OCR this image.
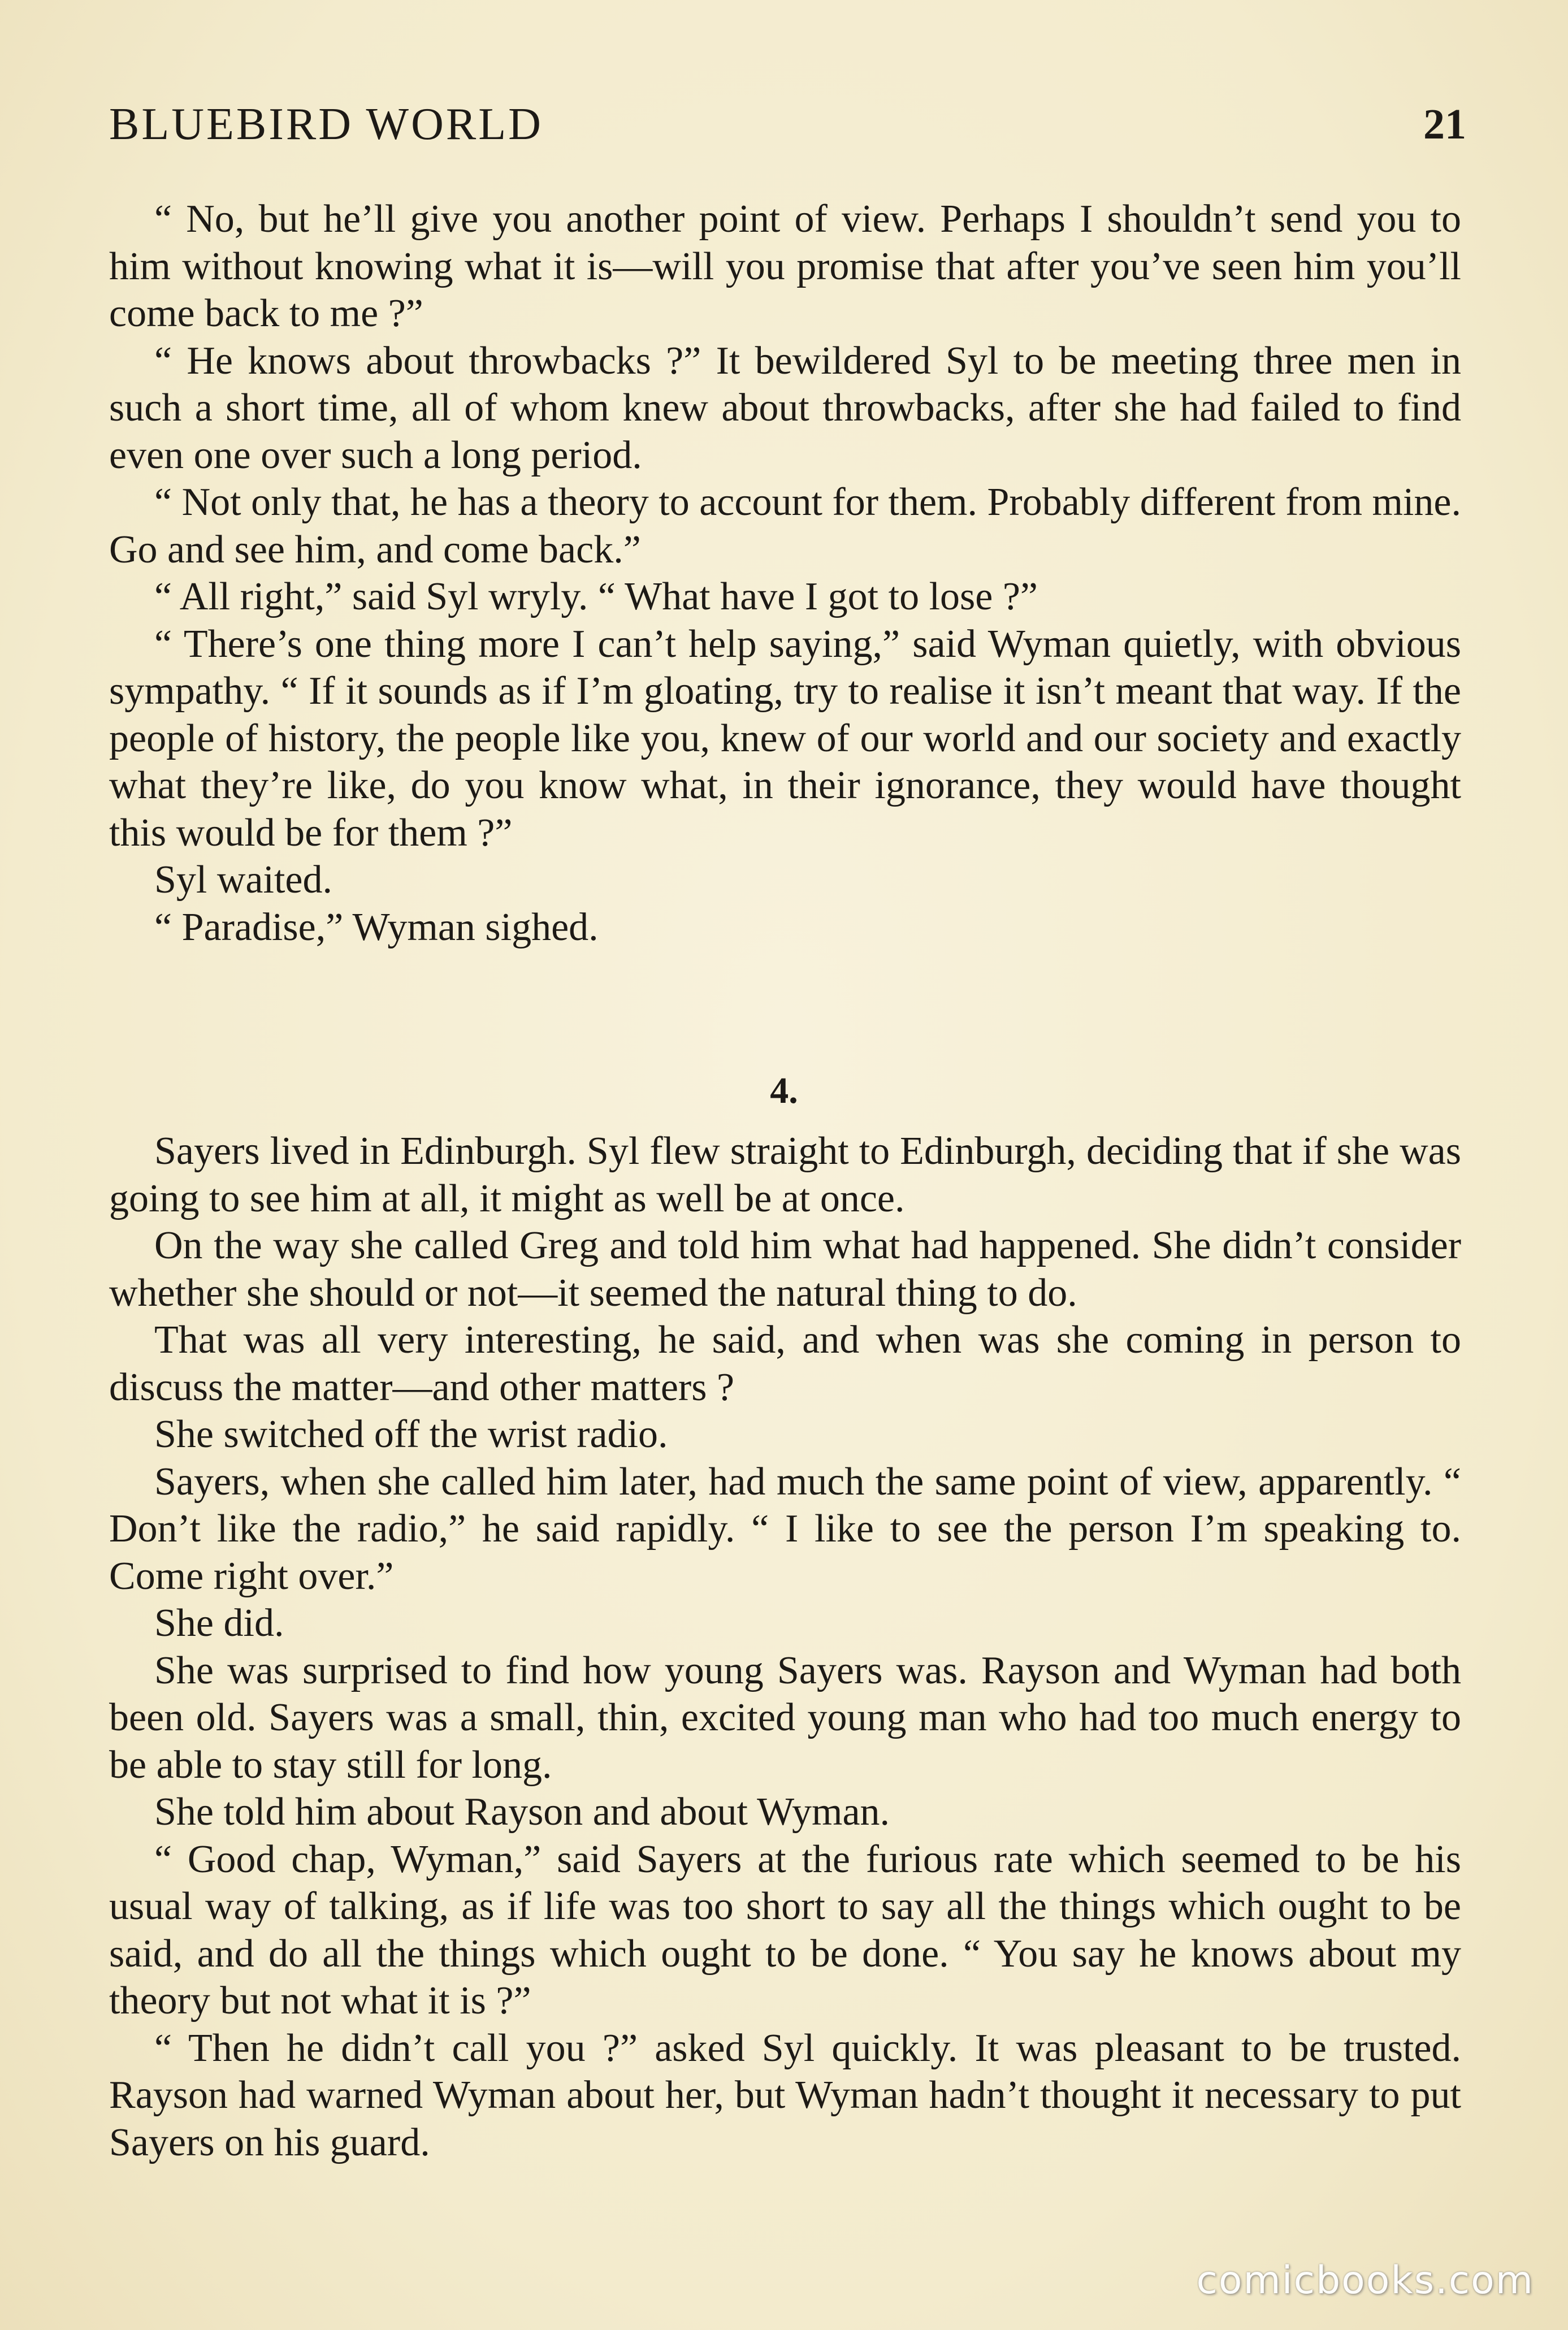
BLUEBIRD WORLD	21

“ No, but he’ll give you another point of view. Perhaps I shouldn’t send you to him without knowing what it is—will you promise that after you’ve seen him you’ll come back to me ?”

“ He knows about throwbacks ?” It bewildered Syl to be meeting three men in such a short time, all of whom knew about throwbacks, after she had failed to find even one over such a long period.

“ Not only that, he has a theory to account for them. Probably different from mine. Go and see him, and come back.”

“ All right,” said Syl wryly. “ What have I got to lose ?”

“ There’s one thing more I can’t help saying,” said Wyman quietly, with obvious sympathy. “ If it sounds as if I’m gloating, try to realise it isn’t meant that way. If the people of history, the people like you, knew of our world and our society and exactly what they’re like, do you know what, in their ignorance, they would have thought this would be for them ?”

Syl waited.

“ Paradise,” Wyman sighed.

4.

Sayers lived in Edinburgh. Syl flew straight to Edinburgh, deciding that if she was going to see him at all, it might as well be at once.

On the way she called Greg and told him what had happened. She didn’t consider whether she should or not—it seemed the natural thing to do.

That was all very interesting, he said, and when was she coming in person to discuss the matter—and other matters ?

She switched off the wrist radio.

Sayers, when she called him later, had much the same point of view, apparently. “ Don’t like the radio,” he said rapidly. “ I like to see the person I’m speaking to. Come right over.”

She did.

She was surprised to find how young Sayers was. Rayson and Wyman had both been old. Sayers was a small, thin, excited young man who had too much energy to be able to stay still for long.

She told him about Rayson and about Wyman.

“ Good chap, Wyman,” said Sayers at the furious rate which seemed to be his usual way of talking, as if life was too short to say all the things which ought to be said, and do all the things which ought to be done. “ You say he knows about my theory but not what it is ?”

“ Then he didn’t call you ?” asked Syl quickly. It was pleasant to be trusted. Rayson had warned Wyman about her, but Wyman hadn’t thought it necessary to put Sayers on his guard.

comicbooks.com
